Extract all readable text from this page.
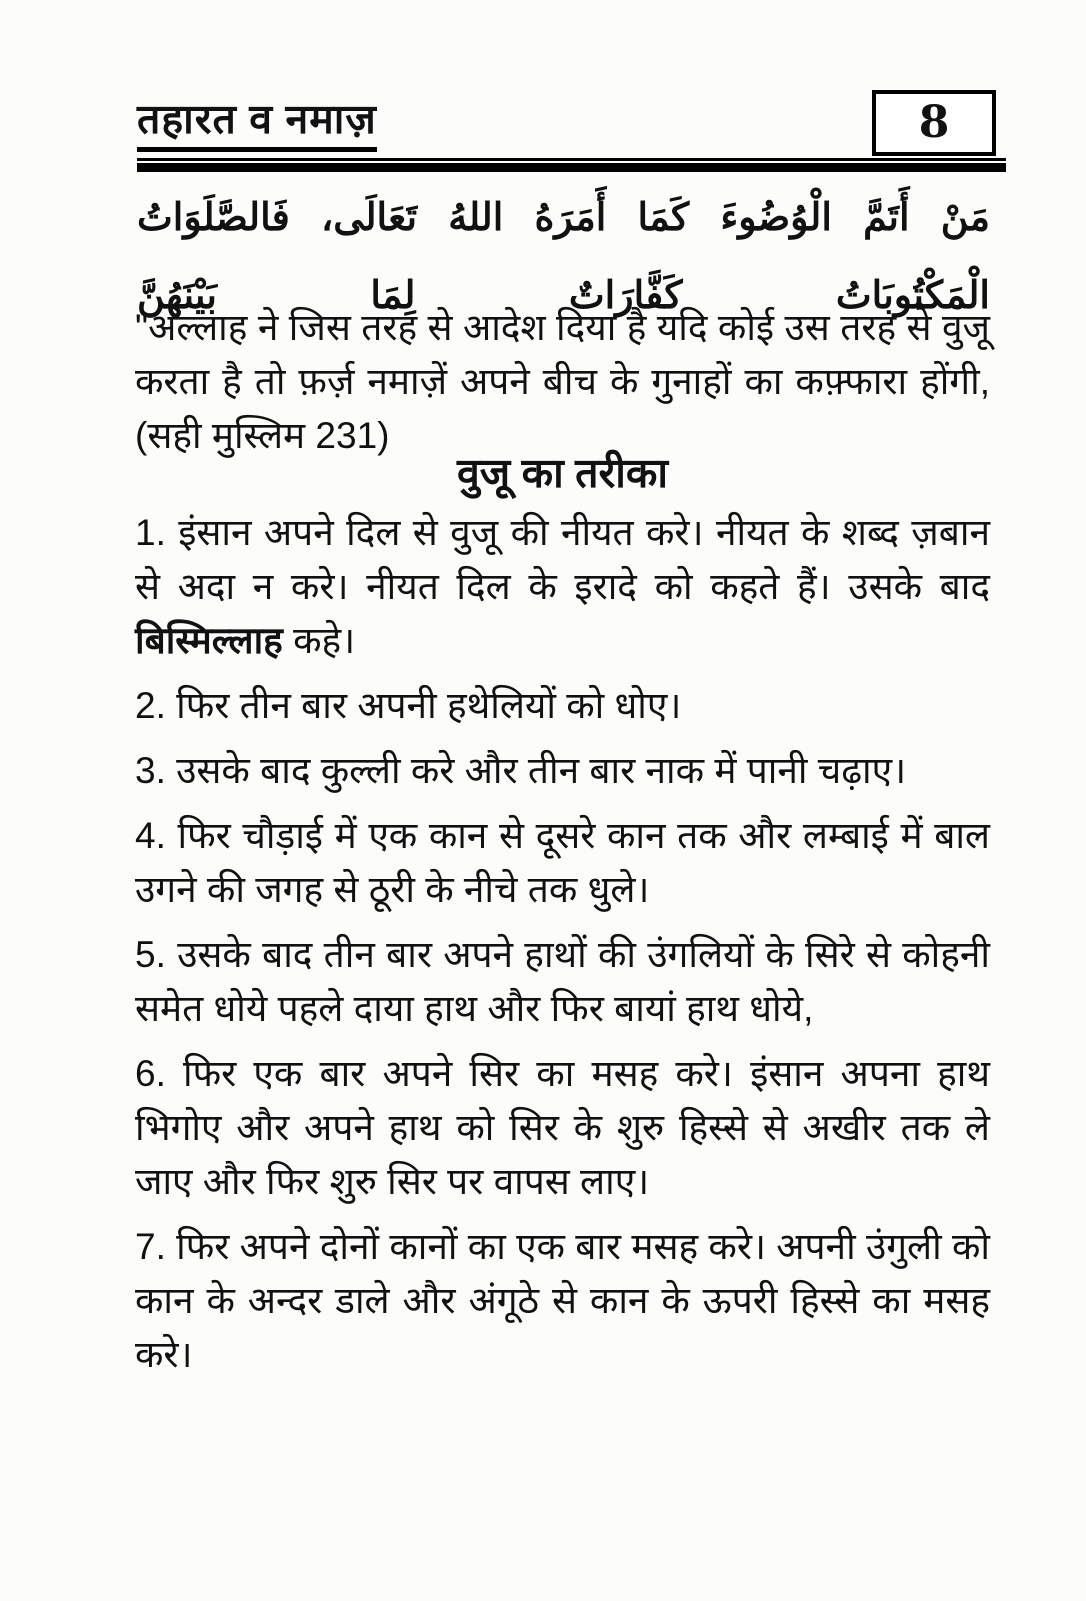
तहारत व नमाज़	8
مَنْ أَتَمَّ الْوُضُوءَ كَمَا أَمَرَهُ اللهُ تَعَالَى، فَالصَّلَوَاتُ الْمَكْتُوبَاتُ كَفَّارَاتٌ لِمَا بَيْنَهُنَّ

"अल्लाह ने जिस तरह से आदेश दिया है यदि कोई उस तरह से वुजू करता है तो फ़र्ज़ नमाज़ें अपने बीच के गुनाहों का कफ़्फारा होंगी, (सही मुस्लिम 231)

वुजू का तरीका

1. इंसान अपने दिल से वुजू की नीयत करे। नीयत के शब्द ज़बान से अदा न करे। नीयत दिल के इरादे को कहते हैं। उसके बाद बिस्मिल्लाह कहे।

2. फिर तीन बार अपनी हथेलियों को धोए।

3. उसके बाद कुल्ली करे और तीन बार नाक में पानी चढ़ाए।

4. फिर चौड़ाई में एक कान से दूसरे कान तक और लम्बाई में बाल उगने की जगह से ठूरी के नीचे तक धुले।

5. उसके बाद तीन बार अपने हाथों की उंगलियों के सिरे से कोहनी समेत धोये पहले दाया हाथ और फिर बायां हाथ धोये,

6. फिर एक बार अपने सिर का मसह करे। इंसान अपना हाथ भिगोए और अपने हाथ को सिर के शुरु हिस्से से अखीर तक ले जाए और फिर शुरु सिर पर वापस लाए।

7. फिर अपने दोनों कानों का एक बार मसह करे। अपनी उंगुली को कान के अन्दर डाले और अंगूठे से कान के ऊपरी हिस्से का मसह करे।
